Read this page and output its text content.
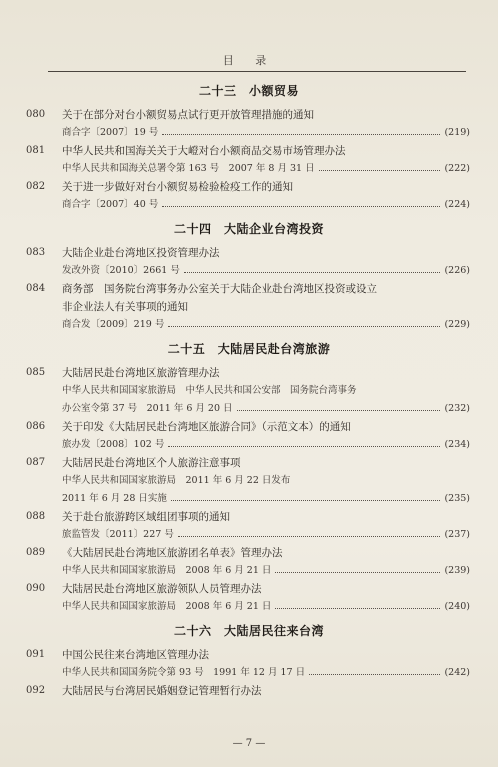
目 录
二十三　小额贸易
080 关于在部分对台小额贸易点试行更开放管理措施的通知
商合字〔2007〕19 号	(219)
081 中华人民共和国海关关于大嶝对台小额商品交易市场管理办法
中华人民共和国海关总署令第 163 号　2007 年 8 月 31 日	(222)
082 关于进一步做好对台小额贸易检验检疫工作的通知
商合字〔2007〕40 号	(224)
二十四　大陆企业台湾投资
083 大陆企业赴台湾地区投资管理办法
发改外资〔2010〕2661 号	(226)
084 商务部　国务院台湾事务办公室关于大陆企业赴台湾地区投资或设立
非企业法人有关事项的通知
商合发〔2009〕219 号	(229)
二十五　大陆居民赴台湾旅游
085 大陆居民赴台湾地区旅游管理办法
中华人民共和国国家旅游局　中华人民共和国公安部　国务院台湾事务
办公室令第 37 号　2011 年 6 月 20 日	(232)
086 关于印发《大陆居民赴台湾地区旅游合同》（示范文本）的通知
旅办发〔2008〕102 号	(234)
087 大陆居民赴台湾地区个人旅游注意事项
中华人民共和国国家旅游局　2011 年 6 月 22 日发布
2011 年 6 月 28 日实施	(235)
088 关于赴台旅游跨区域组团事项的通知
旅监管发〔2011〕227 号	(237)
089 《大陆居民赴台湾地区旅游团名单表》管理办法
中华人民共和国国家旅游局　2008 年 6 月 21 日	(239)
090 大陆居民赴台湾地区旅游领队人员管理办法
中华人民共和国国家旅游局　2008 年 6 月 21 日	(240)
二十六　大陆居民往来台湾
091 中国公民往来台湾地区管理办法
中华人民共和国国务院令第 93 号　1991 年 12 月 17 日	(242)
092 大陆居民与台湾居民婚姻登记管理暂行办法
— 7 —
